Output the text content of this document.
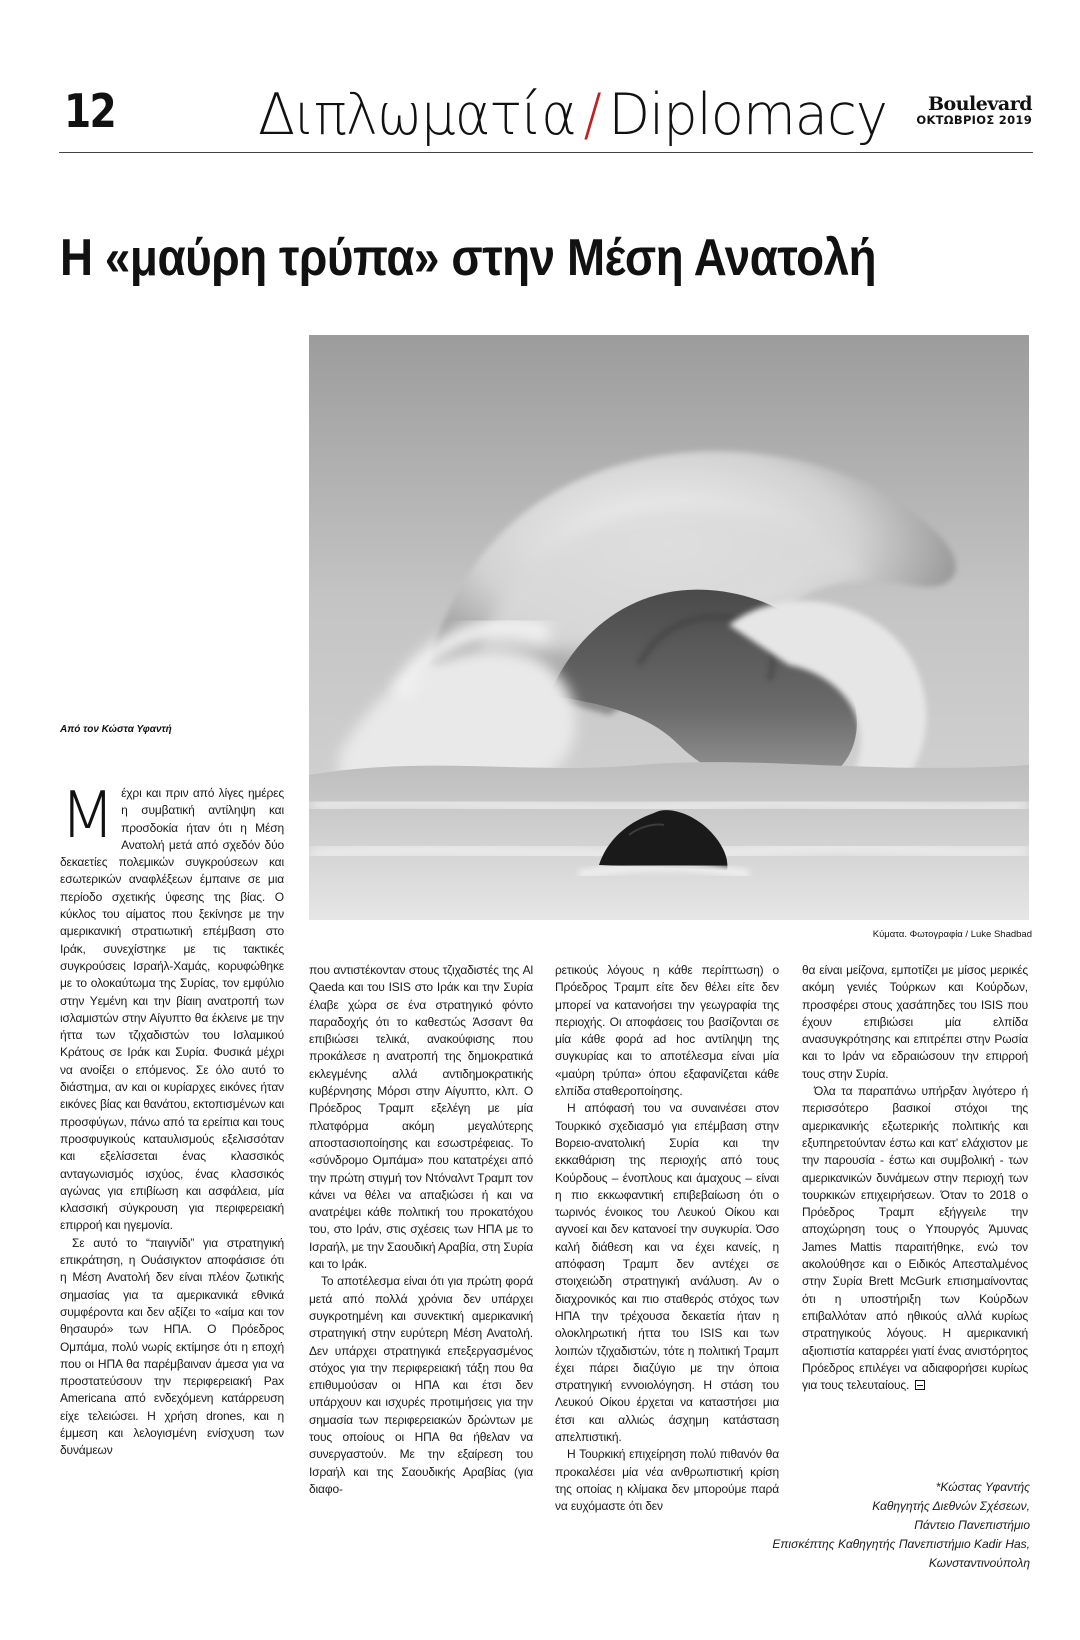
12	Διπλωματία / Diplomacy	Boulevard
ΟΚΤΩΒΡΙΟΣ 2019
Η «μαύρη τρύπα» στην Μέση Ανατολή
Κύματα. Φωτογραφία / Luke Shadbad
Από τον Κώστα Υφαντή
Μ έχρι και πριν από λίγες ημέρες η συμβατική αντίληψη και προσδοκία ήταν ότι η Μέση Ανατολή μετά από σχεδόν δύο δεκαετίες πολεμικών συγκρούσεων και εσωτερικών αναφλέξεων έμπαινε σε μια περίοδο σχετικής ύφεσης της βίας. Ο κύκλος του αίματος που ξεκίνησε με την αμερικανική στρατιωτική επέμβαση στο Ιράκ, συνεχίστηκε με τις τακτικές συγκρούσεις Ισραήλ-Χαμάς, κορυφώθηκε με το ολοκαύτωμα της Συρίας, τον εμφύλιο στην Υεμένη και την βίαιη ανατροπή των ισλαμιστών στην Αίγυπτο θα έκλεινε με την ήττα των τζιχαδιστών του Ισλαμικού Κράτους σε Ιράκ και Συρία. Φυσικά μέχρι να ανοίξει ο επόμενος. Σε όλο αυτό το διάστημα, αν και οι κυρίαρχες εικόνες ήταν εικόνες βίας και θανάτου, εκτοπισμένων και προσφύγων, πάνω από τα ερείπια και τους προσφυγικούς καταυλισμούς εξελισσόταν και εξελίσσεται ένας κλασσικός ανταγωνισμός ισχύος, ένας κλασσικός αγώνας για επιβίωση και ασφάλεια, μία κλασσική σύγκρουση για περιφερειακή επιρροή και ηγεμονία.

Σε αυτό το “παιγνίδι” για στρατηγική επικράτηση, η Ουάσιγκτον αποφάσισε ότι η Μέση Ανατολή δεν είναι πλέον ζωτικής σημασίας για τα αμερικανικά εθνικά συμφέροντα και δεν αξίζει το «αίμα και τον θησαυρό» των ΗΠΑ. Ο Πρόεδρος Ομπάμα, πολύ νωρίς εκτίμησε ότι η εποχή που οι ΗΠΑ θα παρέμβαιναν άμεσα για να προστατεύσουν την περιφερειακή Pax Americana από ενδεχόμενη κατάρρευση είχε τελειώσει. Η χρήση drones, και η έμμεση και λελογισμένη ενίσχυση των δυνάμεων

που αντιστέκονταν στους τζιχαδιστές της Al Qaeda και του ISIS στο Ιράκ και την Συρία έλαβε χώρα σε ένα στρατηγικό φόντο παραδοχής ότι το καθεστώς Άσσαντ θα επιβιώσει τελικά, ανακούφισης που προκάλεσε η ανατροπή της δημοκρατικά εκλεγμένης αλλά αντιδημοκρατικής κυβέρνησης Μόρσι στην Αίγυπτο, κλπ. Ο Πρόεδρος Τραμπ εξελέγη με μία πλατφόρμα ακόμη μεγαλύτερης αποστασιοποίησης και εσωστρέφειας. Το «σύνδρομο Ομπάμα» που κατατρέχει από την πρώτη στιγμή τον Ντόναλντ Τραμπ τον κάνει να θέλει να απαξιώσει ή και να ανατρέψει κάθε πολιτική του προκατόχου του, στο Ιράν, στις σχέσεις των ΗΠΑ με το Ισραήλ, με την Σαουδική Αραβία, στη Συρία και το Ιράκ.

Το αποτέλεσμα είναι ότι για πρώτη φορά μετά από πολλά χρόνια δεν υπάρχει συγκροτημένη και συνεκτική αμερικανική στρατηγική στην ευρύτερη Μέση Ανατολή. Δεν υπάρχει στρατηγικά επεξεργασμένος στόχος για την περιφερειακή τάξη που θα επιθυμούσαν οι ΗΠΑ και έτσι δεν υπάρχουν και ισχυρές προτιμήσεις για την σημασία των περιφερειακών δρώντων με τους οποίους οι ΗΠΑ θα ήθελαν να συνεργαστούν. Με την εξαίρεση του Ισραήλ και της Σαουδικής Αραβίας (για διαφο-

ρετικούς λόγους η κάθε περίπτωση) ο Πρόεδρος Τραμπ είτε δεν θέλει είτε δεν μπορεί να κατανοήσει την γεωγραφία της περιοχής. Οι αποφάσεις του βασίζονται σε μία κάθε φορά ad hoc αντίληψη της συγκυρίας και το αποτέλεσμα είναι μία «μαύρη τρύπα» όπου εξαφανίζεται κάθε ελπίδα σταθεροποίησης.

Η απόφασή του να συναινέσει στον Τουρκικό σχεδιασμό για επέμβαση στην Βορειο-ανατολική Συρία και την εκκαθάριση της περιοχής από τους Κούρδους – ένοπλους και άμαχους – είναι η πιο εκκωφαντική επιβεβαίωση ότι ο τωρινός ένοικος του Λευκού Οίκου και αγνοεί και δεν κατανοεί την συγκυρία. Όσο καλή διάθεση και να έχει κανείς, η απόφαση Τραμπ δεν αντέχει σε στοιχειώδη στρατηγική ανάλυση. Αν ο διαχρονικός και πιο σταθερός στόχος των ΗΠΑ την τρέχουσα δεκαετία ήταν η ολοκληρωτική ήττα του ISIS και των λοιπών τζιχαδιστών, τότε η πολιτική Τραμπ έχει πάρει διαζύγιο με την όποια στρατηγική εννοιολόγηση. Η στάση του Λευκού Οίκου έρχεται να καταστήσει μια έτσι και αλλιώς άσχημη κατάσταση απελπιστική.

Η Τουρκική επιχείρηση πολύ πιθανόν θα προκαλέσει μία νέα ανθρωπιστική κρίση της οποίας η κλίμακα δεν μπορούμε παρά να ευχόμαστε ότι δεν

θα είναι μείζονα, εμποτίζει με μίσος μερικές ακόμη γενιές Τούρκων και Κούρδων, προσφέρει στους χασάπηδες του ISIS που έχουν επιβιώσει μία ελπίδα ανασυγκρότησης και επιτρέπει στην Ρωσία και το Ιράν να εδραιώσουν την επιρροή τους στην Συρία.

Όλα τα παραπάνω υπήρξαν λιγότερο ή περισσότερο βασικοί στόχοι της αμερικανικής εξωτερικής πολιτικής και εξυπηρετούνταν έστω και κατ’ ελάχιστον με την παρουσία - έστω και συμβολική - των αμερικανικών δυνάμεων στην περιοχή των τουρκικών επιχειρήσεων. Όταν το 2018 ο Πρόεδρος Τραμπ εξήγγειλε την αποχώρηση τους ο Υπουργός Άμυνας James Mattis παραιτήθηκε, ενώ τον ακολούθησε και ο Ειδικός Απεσταλμένος στην Συρία Brett McGurk επισημαίνοντας ότι η υποστήριξη των Κούρδων επιβαλλόταν από ηθικούς αλλά κυρίως στρατηγικούς λόγους. Η αμερικανική αξιοπιστία καταρρέει γιατί ένας ανιστόρητος Πρόεδρος επιλέγει να αδιαφορήσει κυρίως για τους τελευταίους.

*Κώστας Υφαντής
Καθηγητής Διεθνών Σχέσεων,
Πάντειο Πανεπιστήμιο
Επισκέπτης Καθηγητής Πανεπιστήμιο Kadir Has, Κωνσταντινούπολη
